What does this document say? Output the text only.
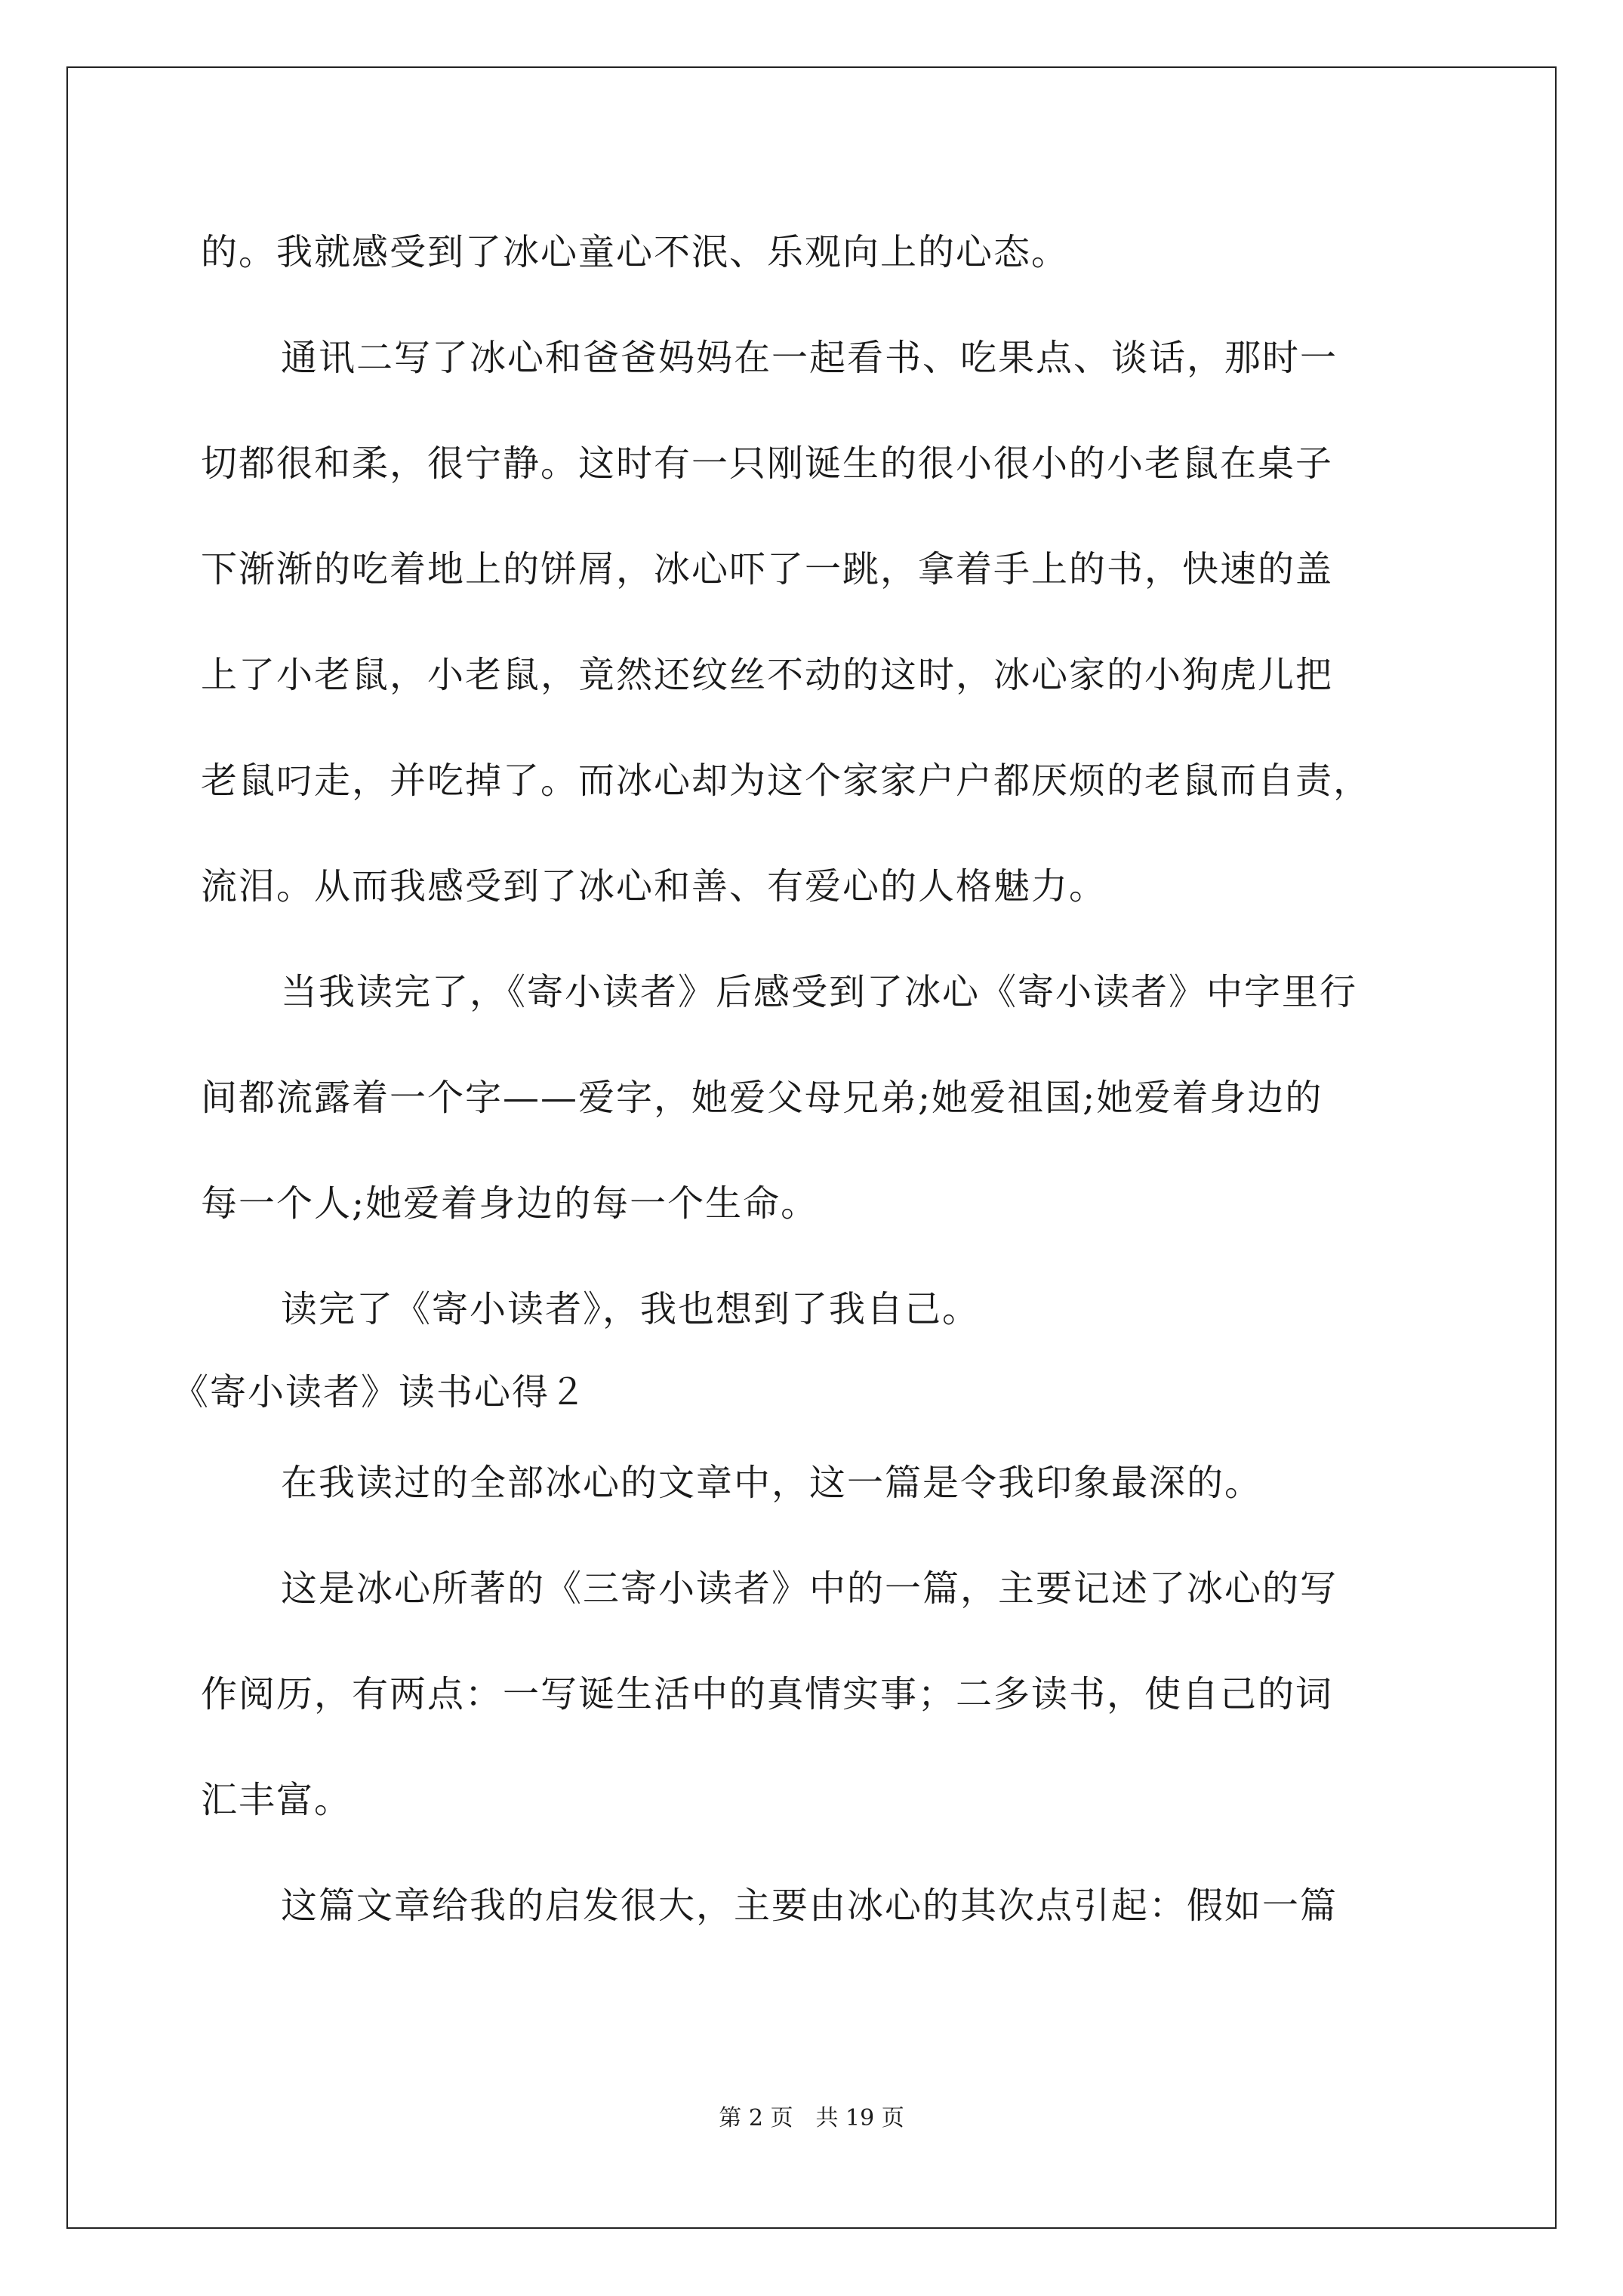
的。我就感受到了冰心童心不泯、乐观向上的心态。
通讯二写了冰心和爸爸妈妈在一起看书、吃果点、谈话，那时一
切都很和柔，很宁静。这时有一只刚诞生的很小很小的小老鼠在桌子
下渐渐的吃着地上的饼屑，冰心吓了一跳，拿着手上的书，快速的盖
上了小老鼠，小老鼠，竟然还纹丝不动的这时，冰心家的小狗虎儿把
老鼠叼走，并吃掉了。而冰心却为这个家家户户都厌烦的老鼠而自责，
流泪。从而我感受到了冰心和善、有爱心的人格魅力。
当我读完了，《寄小读者》后感受到了冰心《寄小读者》中字里行
间都流露着一个字——爱字，她爱父母兄弟;她爱祖国;她爱着身边的
每一个人;她爱着身边的每一个生命。
读完了《寄小读者》，我也想到了我自己。
《寄小读者》读书心得２
在我读过的全部冰心的文章中，这一篇是令我印象最深的。
这是冰心所著的《三寄小读者》中的一篇，主要记述了冰心的写
作阅历，有两点：一写诞生活中的真情实事；二多读书，使自己的词
汇丰富。
这篇文章给我的启发很大，主要由冰心的其次点引起：假如一篇
第 2 页　共 19 页
